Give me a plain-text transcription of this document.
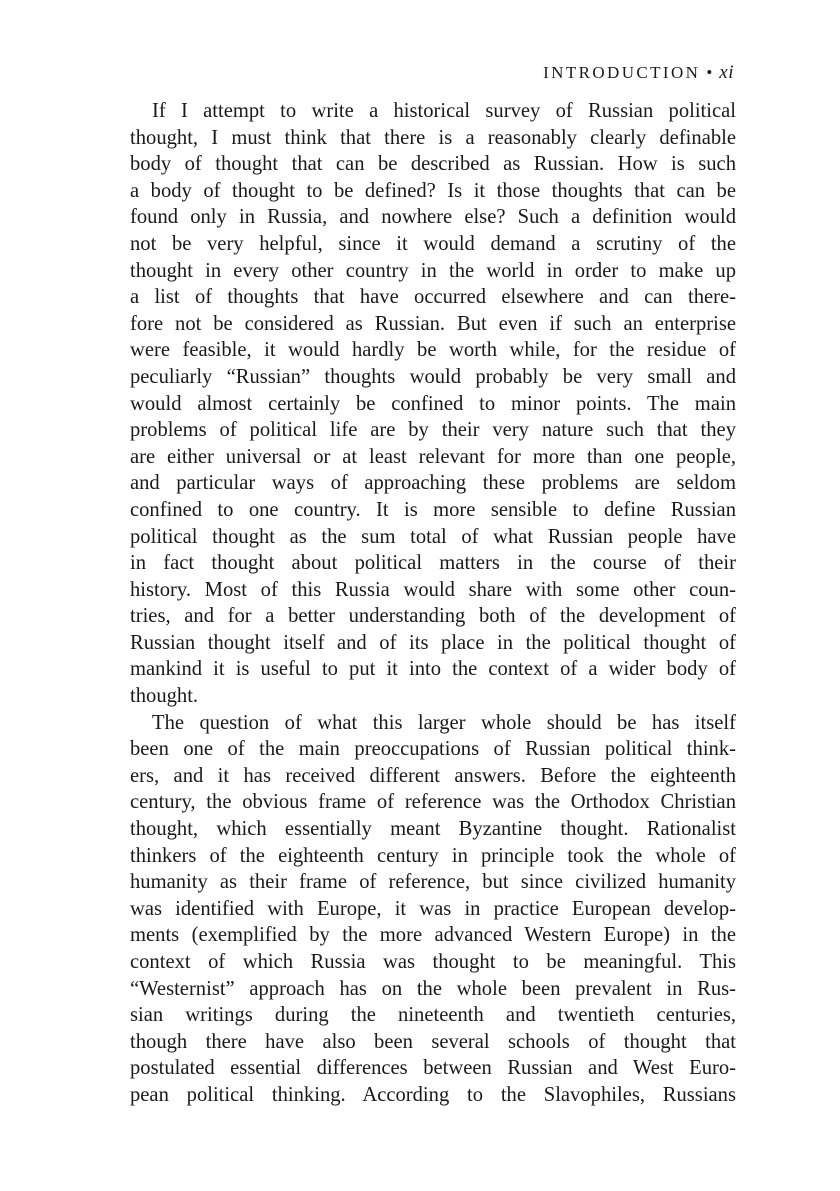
INTRODUCTION • xi

If I attempt to write a historical survey of Russian political
thought, I must think that there is a reasonably clearly definable
body of thought that can be described as Russian. How is such
a body of thought to be defined? Is it those thoughts that can be
found only in Russia, and nowhere else? Such a definition would
not be very helpful, since it would demand a scrutiny of the
thought in every other country in the world in order to make up
a list of thoughts that have occurred elsewhere and can there-
fore not be considered as Russian. But even if such an enterprise
were feasible, it would hardly be worth while, for the residue of
peculiarly “Russian” thoughts would probably be very small and
would almost certainly be confined to minor points. The main
problems of political life are by their very nature such that they
are either universal or at least relevant for more than one people,
and particular ways of approaching these problems are seldom
confined to one country. It is more sensible to define Russian
political thought as the sum total of what Russian people have
in fact thought about political matters in the course of their
history. Most of this Russia would share with some other coun-
tries, and for a better understanding both of the development of
Russian thought itself and of its place in the political thought of
mankind it is useful to put it into the context of a wider body of
thought.

The question of what this larger whole should be has itself
been one of the main preoccupations of Russian political think-
ers, and it has received different answers. Before the eighteenth
century, the obvious frame of reference was the Orthodox Christian
thought, which essentially meant Byzantine thought. Rationalist
thinkers of the eighteenth century in principle took the whole of
humanity as their frame of reference, but since civilized humanity
was identified with Europe, it was in practice European develop-
ments (exemplified by the more advanced Western Europe) in the
context of which Russia was thought to be meaningful. This
“Westernist” approach has on the whole been prevalent in Rus-
sian writings during the nineteenth and twentieth centuries,
though there have also been several schools of thought that
postulated essential differences between Russian and West Euro-
pean political thinking. According to the Slavophiles, Russians
